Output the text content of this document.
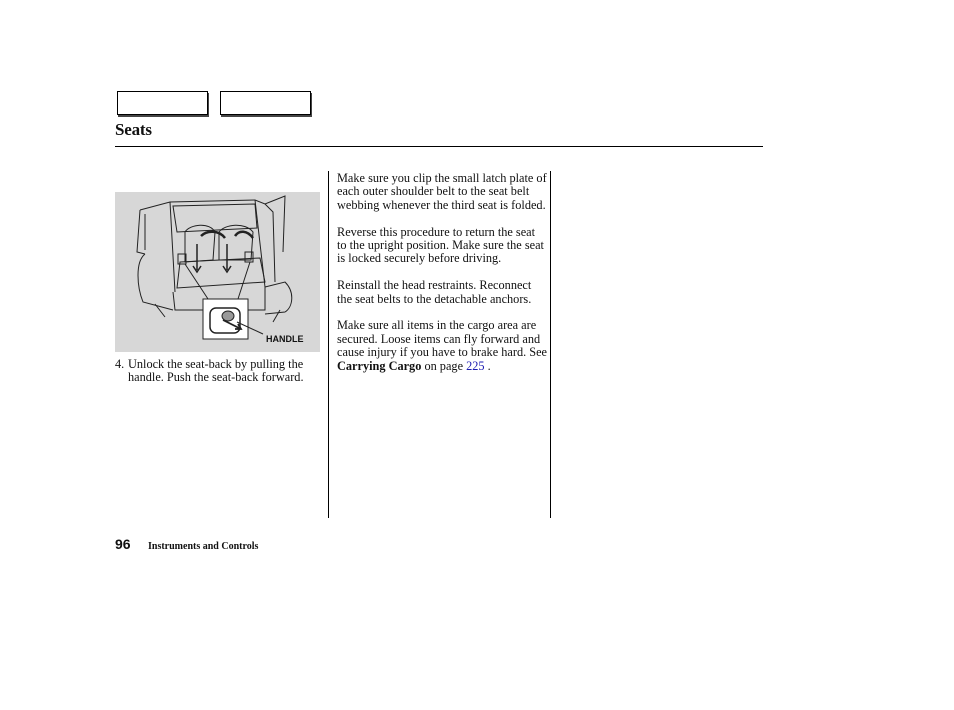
Seats
HANDLE
4. Unlock the seat-back by pulling the handle. Push the seat-back forward.

Make sure you clip the small latch plate of each outer shoulder belt to the seat belt webbing whenever the third seat is folded.

Reverse this procedure to return the seat to the upright position. Make sure the seat is locked securely before driving.

Reinstall the head restraints. Reconnect the seat belts to the detachable anchors.

Make sure all items in the cargo area are secured. Loose items can fly forward and cause injury if you have to brake hard. See Carrying Cargo on page 225 .

96 Instruments and Controls
